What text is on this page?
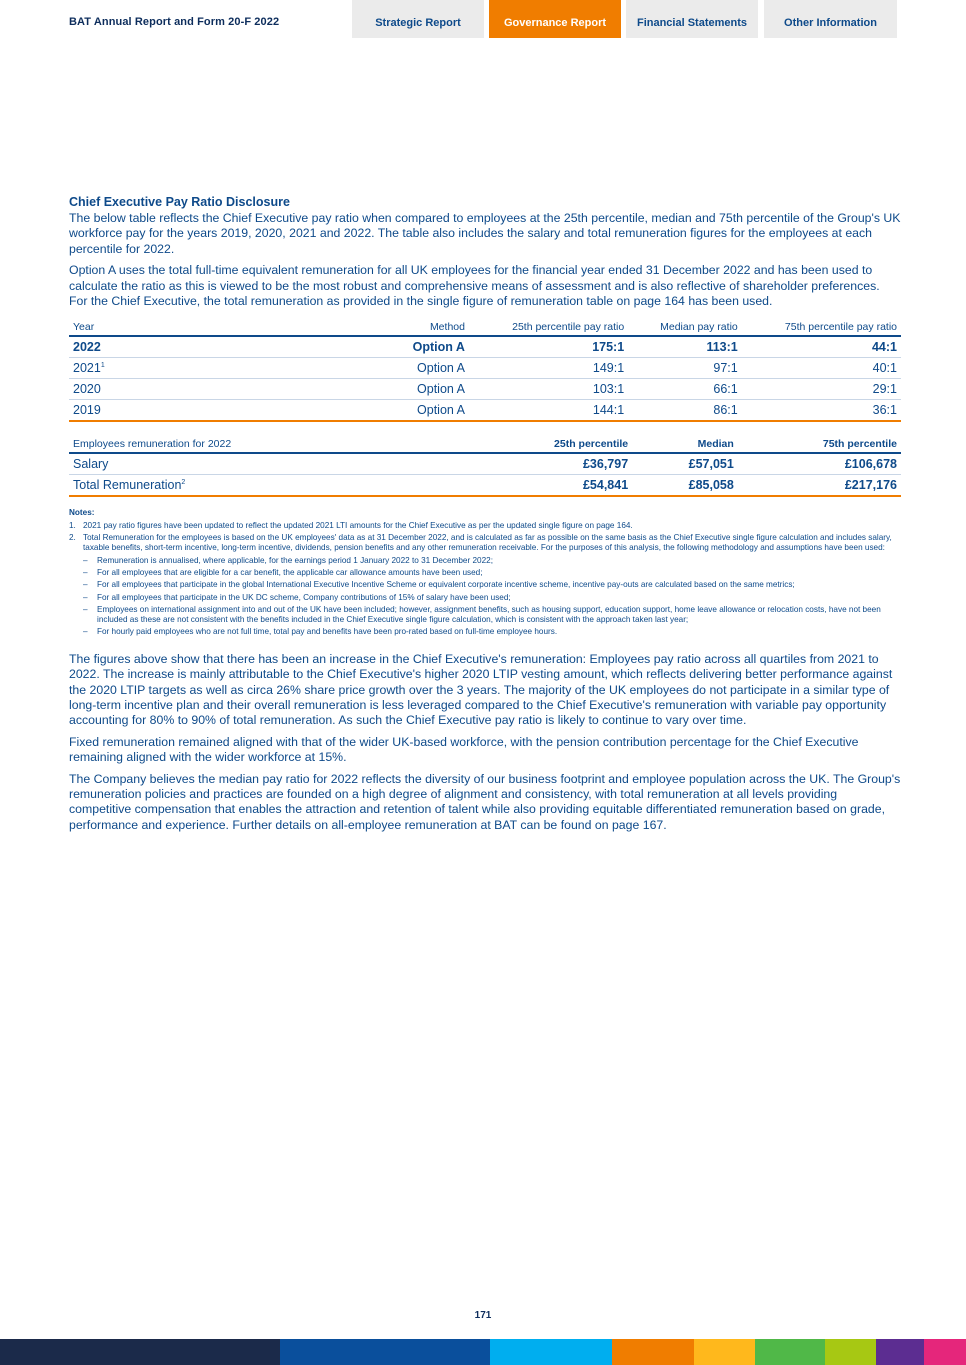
BAT Annual Report and Form 20-F 2022	Strategic Report	Governance Report	Financial Statements	Other Information
Chief Executive Pay Ratio Disclosure

The below table reflects the Chief Executive pay ratio when compared to employees at the 25th percentile, median and 75th percentile of the Group's UK workforce pay for the years 2019, 2020, 2021 and 2022. The table also includes the salary and total remuneration figures for the employees at each percentile for 2022.

Option A uses the total full-time equivalent remuneration for all UK employees for the financial year ended 31 December 2022 and has been used to calculate the ratio as this is viewed to be the most robust and comprehensive means of assessment and is also reflective of shareholder preferences. For the Chief Executive, the total remuneration as provided in the single figure of remuneration table on page 164 has been used.

Year	Method	25th percentile pay ratio	Median pay ratio	75th percentile pay ratio
2022	Option A	175:1	113:1	44:1
2021$^1$	Option A	149:1	97:1	40:1
2020	Option A	103:1	66:1	29:1
2019	Option A	144:1	86:1	36:1
Employees remuneration for 2022	25th percentile	Median	75th percentile
Salary	£36,797	£57,051	£106,678
Total Remuneration$^2$	£54,841	£85,058	£217,176
Notes:
1. 2021 pay ratio figures have been updated to reflect the updated 2021 LTI amounts for the Chief Executive as per the updated single figure on page 164.
2. Total Remuneration for the employees is based on the UK employees' data as at 31 December 2022, and is calculated as far as possible on the same basis as the Chief Executive single figure calculation and includes salary, taxable benefits, short-term incentive, long-term incentive, dividends, pension benefits and any other remuneration receivable. For the purposes of this analysis, the following methodology and assumptions have been used:
–	Remuneration is annualised, where applicable, for the earnings period 1 January 2022 to 31 December 2022;
–	For all employees that are eligible for a car benefit, the applicable car allowance amounts have been used;
–	For all employees that participate in the global International Executive Incentive Scheme or equivalent corporate incentive scheme, incentive pay-outs are calculated based on the same metrics;
–	For all employees that participate in the UK DC scheme, Company contributions of 15% of salary have been used;
–	Employees on international assignment into and out of the UK have been included; however, assignment benefits, such as housing support, education support, home leave allowance or relocation costs, have not been included as these are not consistent with the benefits included in the Chief Executive single figure calculation, which is consistent with the approach taken last year;
–	For hourly paid employees who are not full time, total pay and benefits have been pro-rated based on full-time employee hours.

The figures above show that there has been an increase in the Chief Executive's remuneration: Employees pay ratio across all quartiles from 2021 to 2022. The increase is mainly attributable to the Chief Executive's higher 2020 LTIP vesting amount, which reflects delivering better performance against the 2020 LTIP targets as well as circa 26% share price growth over the 3 years. The majority of the UK employees do not participate in a similar type of long-term incentive plan and their overall remuneration is less leveraged compared to the Chief Executive's remuneration with variable pay opportunity accounting for 80% to 90% of total remuneration. As such the Chief Executive pay ratio is likely to continue to vary over time.

Fixed remuneration remained aligned with that of the wider UK-based workforce, with the pension contribution percentage for the Chief Executive remaining aligned with the wider workforce at 15%.

The Company believes the median pay ratio for 2022 reflects the diversity of our business footprint and employee population across the UK. The Group's remuneration policies and practices are founded on a high degree of alignment and consistency, with total remuneration at all levels providing competitive compensation that enables the attraction and retention of talent while also providing equitable differentiated remuneration based on grade, performance and experience. Further details on all-employee remuneration at BAT can be found on page 167.

171
